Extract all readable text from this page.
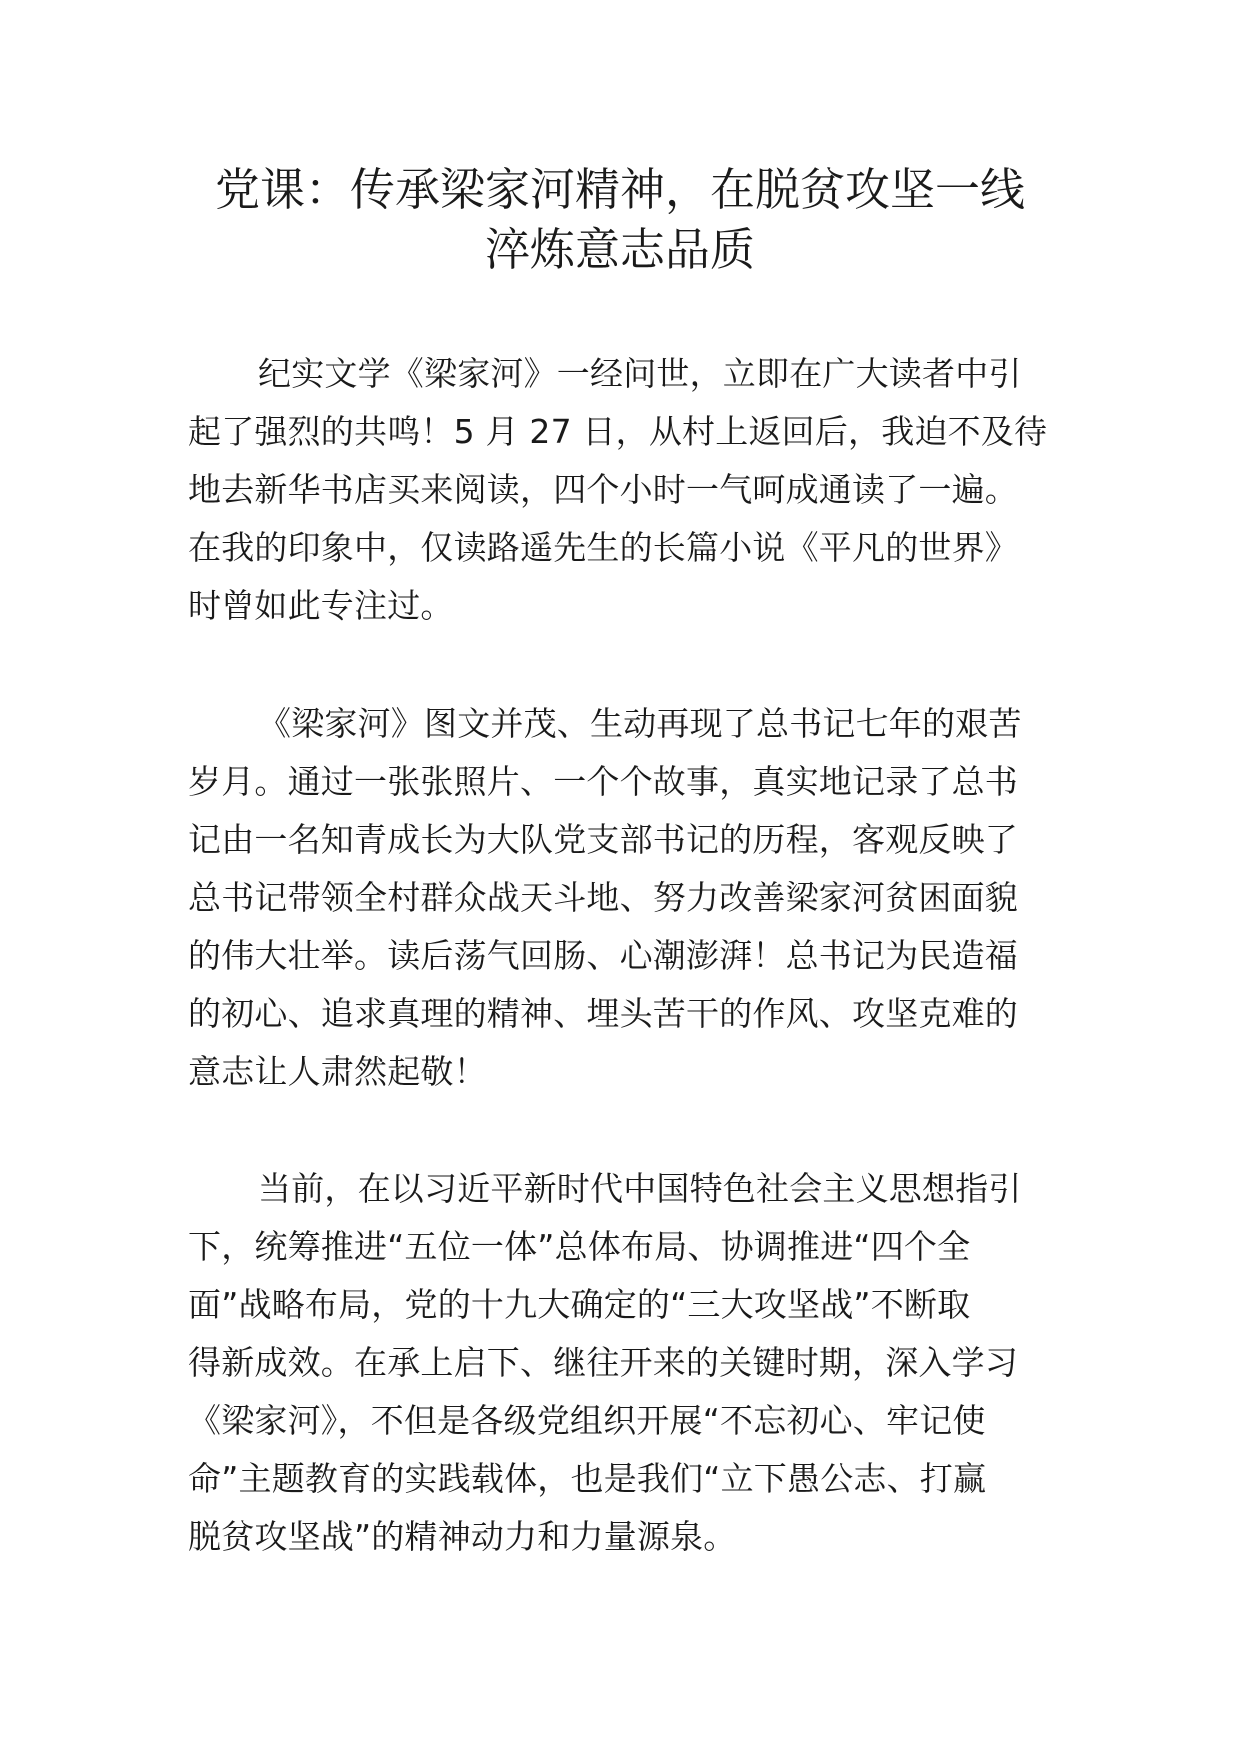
党课：传承梁家河精神，在脱贫攻坚一线
淬炼意志品质
纪实文学《梁家河》一经问世，立即在广大读者中引
起了强烈的共鸣！5 月 27 日，从村上返回后，我迫不及待
地去新华书店买来阅读，四个小时一气呵成通读了一遍。
在我的印象中，仅读路遥先生的长篇小说《平凡的世界》
时曾如此专注过。
《梁家河》图文并茂、生动再现了总书记七年的艰苦
岁月。通过一张张照片、一个个故事，真实地记录了总书
记由一名知青成长为大队党支部书记的历程，客观反映了
总书记带领全村群众战天斗地、努力改善梁家河贫困面貌
的伟大壮举。读后荡气回肠、心潮澎湃！总书记为民造福
的初心、追求真理的精神、埋头苦干的作风、攻坚克难的
意志让人肃然起敬！
当前，在以习近平新时代中国特色社会主义思想指引
下，统筹推进“五位一体”总体布局、协调推进“四个全
面”战略布局，党的十九大确定的“三大攻坚战”不断取
得新成效。在承上启下、继往开来的关键时期，深入学习
《梁家河》，不但是各级党组织开展“不忘初心、牢记使
命”主题教育的实践载体，也是我们“立下愚公志、打赢
脱贫攻坚战”的精神动力和力量源泉。
